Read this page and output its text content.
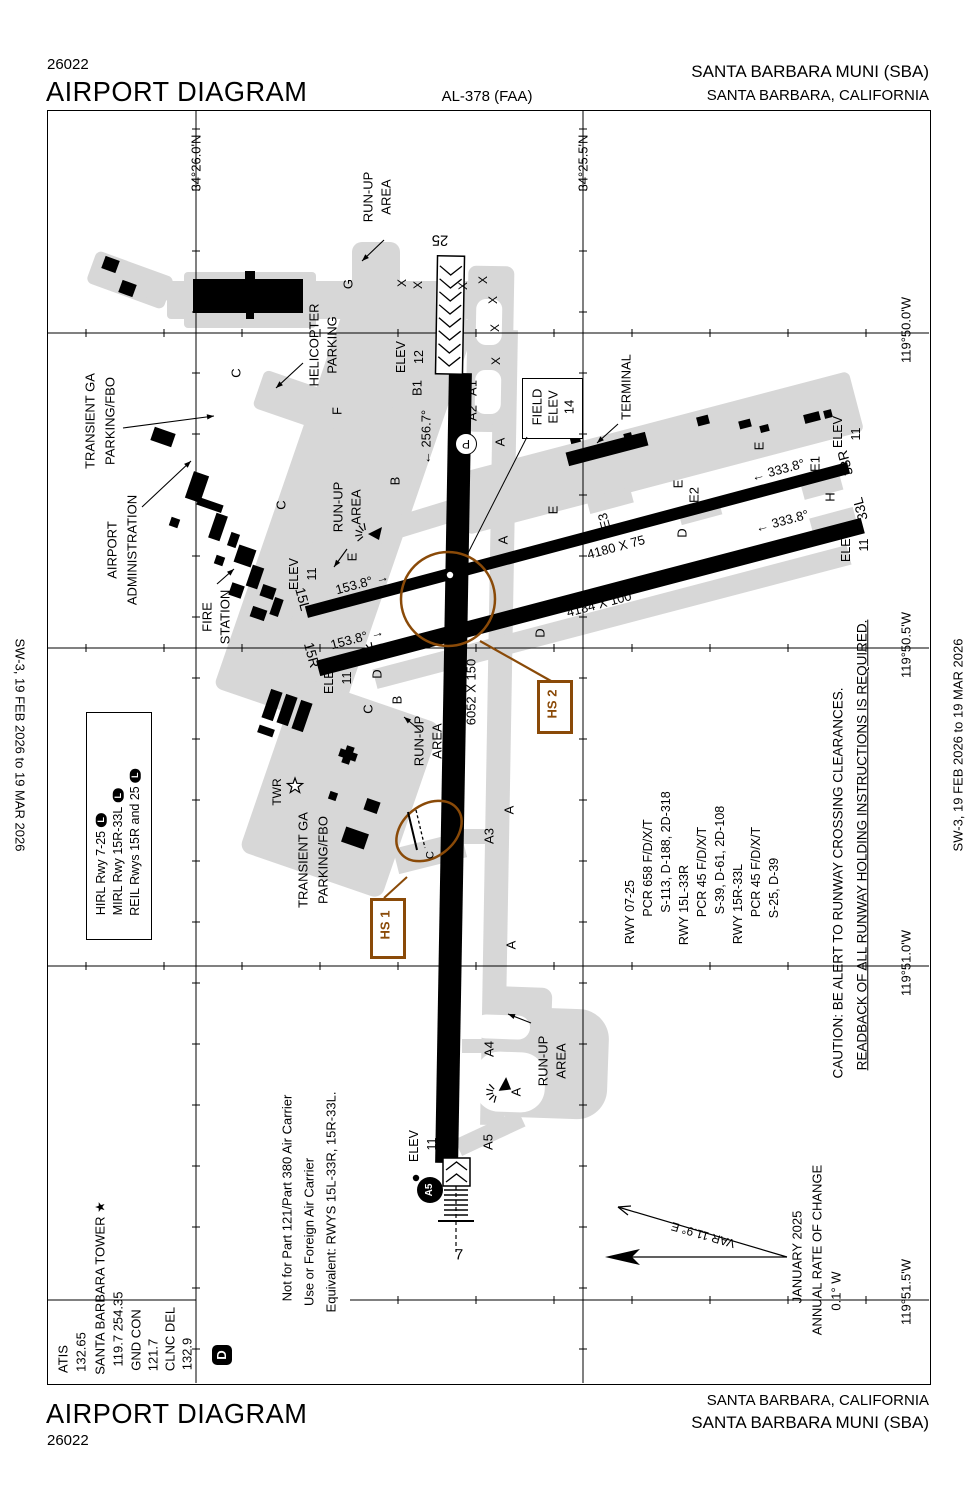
26022
AIRPORT DIAGRAM	AL-378 (FAA)
SANTA BARBARA MUNI (SBA)
SANTA BARBARA, CALIFORNIA
AIRPORT DIAGRAM
26022
SANTA BARBARA, CALIFORNIA
SANTA BARBARA MUNI (SBA)
SW-3, 19 FEB 2026 to 19 MAR 2026	SW-3, 19 FEB 2026 to 19 MAR 2026
34°26.0'N	34°25.5'N
119°50.0'W
119°50.5'W
119°51.0'W
119°51.5'W
ATIS 132.65 SANTA BARBARA TOWER ★ 119.7 254.35 GND CON 121.7 CLNC DEL 132.9 D
HIRL Rwy 7-25L MIRL Rwy 15R-33LL REIL Rwys 15R and 25L
FIELD ELEV 14
RWY 07-25 PCR 658 F/D/X/T S-113, D-188, 2D-318 RWY 15L-33R PCR 45 F/D/X/T S-39, D-61, 2D-108 RWY 15R-33L PCR 45 F/D/X/T S-25, D-39
Not for Part 121/Part 380 Air Carrier Use or Foreign Air Carrier Equivalent: RWYS 15L-33R, 15R-33L.
CAUTION: BE ALERT TO RUNWAY CROSSING CLEARANCES. READBACK OF ALL RUNWAY HOLDING INSTRUCTIONS IS REQUIRED.
JANUARY 2025 ANNUAL RATE OF CHANGE 0.1° W
VAR 11.9° E
25
7
15L
15R
33R
33L
← 256.7°
076.7° →
153.8° →
153.8° →
← 333.8°
← 333.8°
6052 X 150
4180 X 75
4184 X 100
ELEV 12
ELEV 11
ELEV 11
ELEV 11
ELEV 11
ELEV 11
A5
HS 1
HS 2
G
B1	A1
A2
B
B
F
C
C
C
C
E
E
E
E
E
E1
E2
E3
D
D
D
H
A
A
A
A
A
A3
A4
A5
X X	X
X
X
X
X
P
HELICOPTER PARKING
TRANSIENT GA PARKING/FBO
AIRPORT ADMINISTRATION
FIRE STATION
TWR
TERMINAL
RUN-UP AREA
RUN-UP AREA
RUN-UP AREA
RUN-UP AREA
TRANSIENT GA PARKING/FBO
